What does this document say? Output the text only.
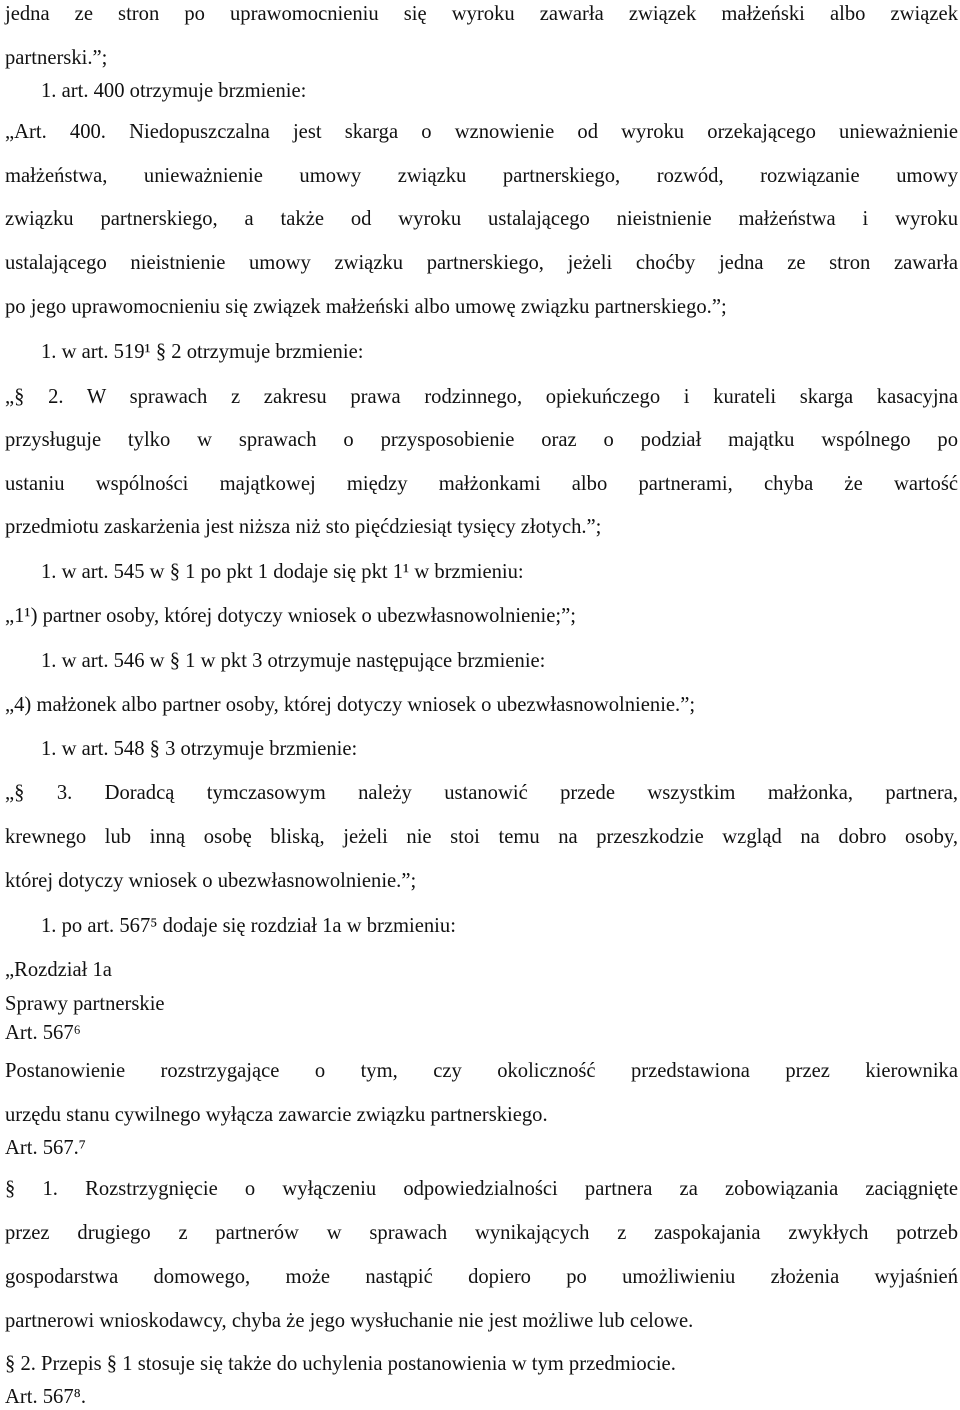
jedna ze stron po uprawomocnieniu się wyroku zawarła związek małżeński albo związek

partnerski.”;

1. art. 400 otrzymuje brzmienie:

„Art. 400. Niedopuszczalna jest skarga o wznowienie od wyroku orzekającego unieważnienie

małżeństwa, unieważnienie umowy związku partnerskiego, rozwód, rozwiązanie umowy

związku partnerskiego, a także od wyroku ustalającego nieistnienie małżeństwa i wyroku

ustalającego nieistnienie umowy związku partnerskiego, jeżeli choćby jedna ze stron zawarła

po jego uprawomocnieniu się związek małżeński albo umowę związku partnerskiego.”;

1. w art. 519¹ § 2 otrzymuje brzmienie:

„§ 2. W sprawach z zakresu prawa rodzinnego, opiekuńczego i kurateli skarga kasacyjna

przysługuje tylko w sprawach o przysposobienie oraz o podział majątku wspólnego po

ustaniu wspólności majątkowej między małżonkami albo partnerami, chyba że wartość

przedmiotu zaskarżenia jest niższa niż sto pięćdziesiąt tysięcy złotych.”;

1. w art. 545 w § 1 po pkt 1 dodaje się pkt 1¹ w brzmieniu:

„1¹) partner osoby, której dotyczy wniosek o ubezwłasnowolnienie;”;

1. w art. 546 w § 1 w pkt 3 otrzymuje następujące brzmienie:

„4) małżonek albo partner osoby, której dotyczy wniosek o ubezwłasnowolnienie.”;

1. w art. 548 § 3 otrzymuje brzmienie:

„§ 3. Doradcą tymczasowym należy ustanowić przede wszystkim małżonka, partnera,

krewnego lub inną osobę bliską, jeżeli nie stoi temu na przeszkodzie wzgląd na dobro osoby,

której dotyczy wniosek o ubezwłasnowolnienie.”;

1. po art. 567⁵ dodaje się rozdział 1a w brzmieniu:

„Rozdział 1a

Sprawy partnerskie

Art. 567⁶

Postanowienie rozstrzygające o tym, czy okoliczność przedstawiona przez kierownika

urzędu stanu cywilnego wyłącza zawarcie związku partnerskiego.

Art. 567.⁷

§ 1. Rozstrzygnięcie o wyłączeniu odpowiedzialności partnera za zobowiązania zaciągnięte

przez drugiego z partnerów w sprawach wynikających z zaspokajania zwykłych potrzeb

gospodarstwa domowego, może nastąpić dopiero po umożliwieniu złożenia wyjaśnień

partnerowi wnioskodawcy, chyba że jego wysłuchanie nie jest możliwe lub celowe.

§ 2. Przepis § 1 stosuje się także do uchylenia postanowienia w tym przedmiocie.

Art. 567⁸.
